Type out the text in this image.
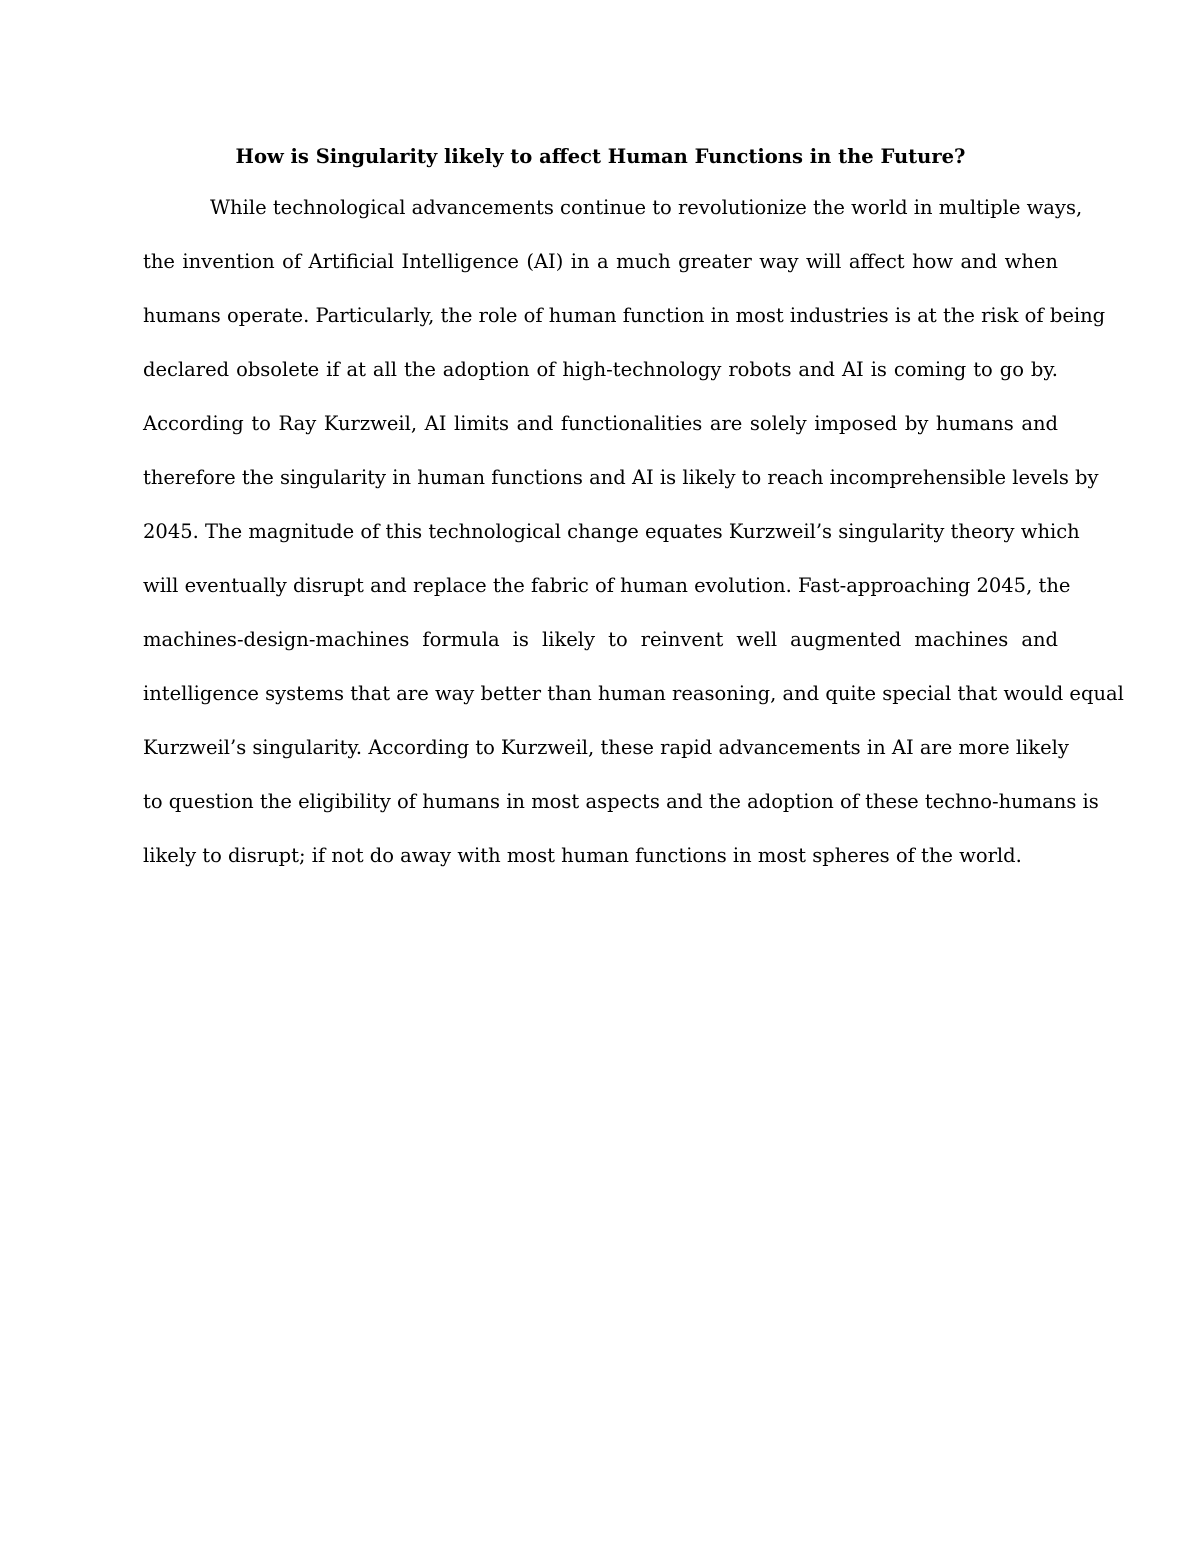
How is Singularity likely to affect Human Functions in the Future?
While technological advancements continue to revolutionize the world in multiple ways,
the invention of Artificial Intelligence (AI) in a much greater way will affect how and when
humans operate. Particularly, the role of human function in most industries is at the risk of being
declared obsolete if at all the adoption of high-technology robots and AI is coming to go by.
According to Ray Kurzweil, AI limits and functionalities are solely imposed by humans and
therefore the singularity in human functions and AI is likely to reach incomprehensible levels by
2045. The magnitude of this technological change equates Kurzweil’s singularity theory which
will eventually disrupt and replace the fabric of human evolution. Fast-approaching 2045, the
machines-design-machines formula is likely to reinvent well augmented machines and
intelligence systems that are way better than human reasoning, and quite special that would equal
Kurzweil’s singularity. According to Kurzweil, these rapid advancements in AI are more likely
to question the eligibility of humans in most aspects and the adoption of these techno-humans is
likely to disrupt; if not do away with most human functions in most spheres of the world.
